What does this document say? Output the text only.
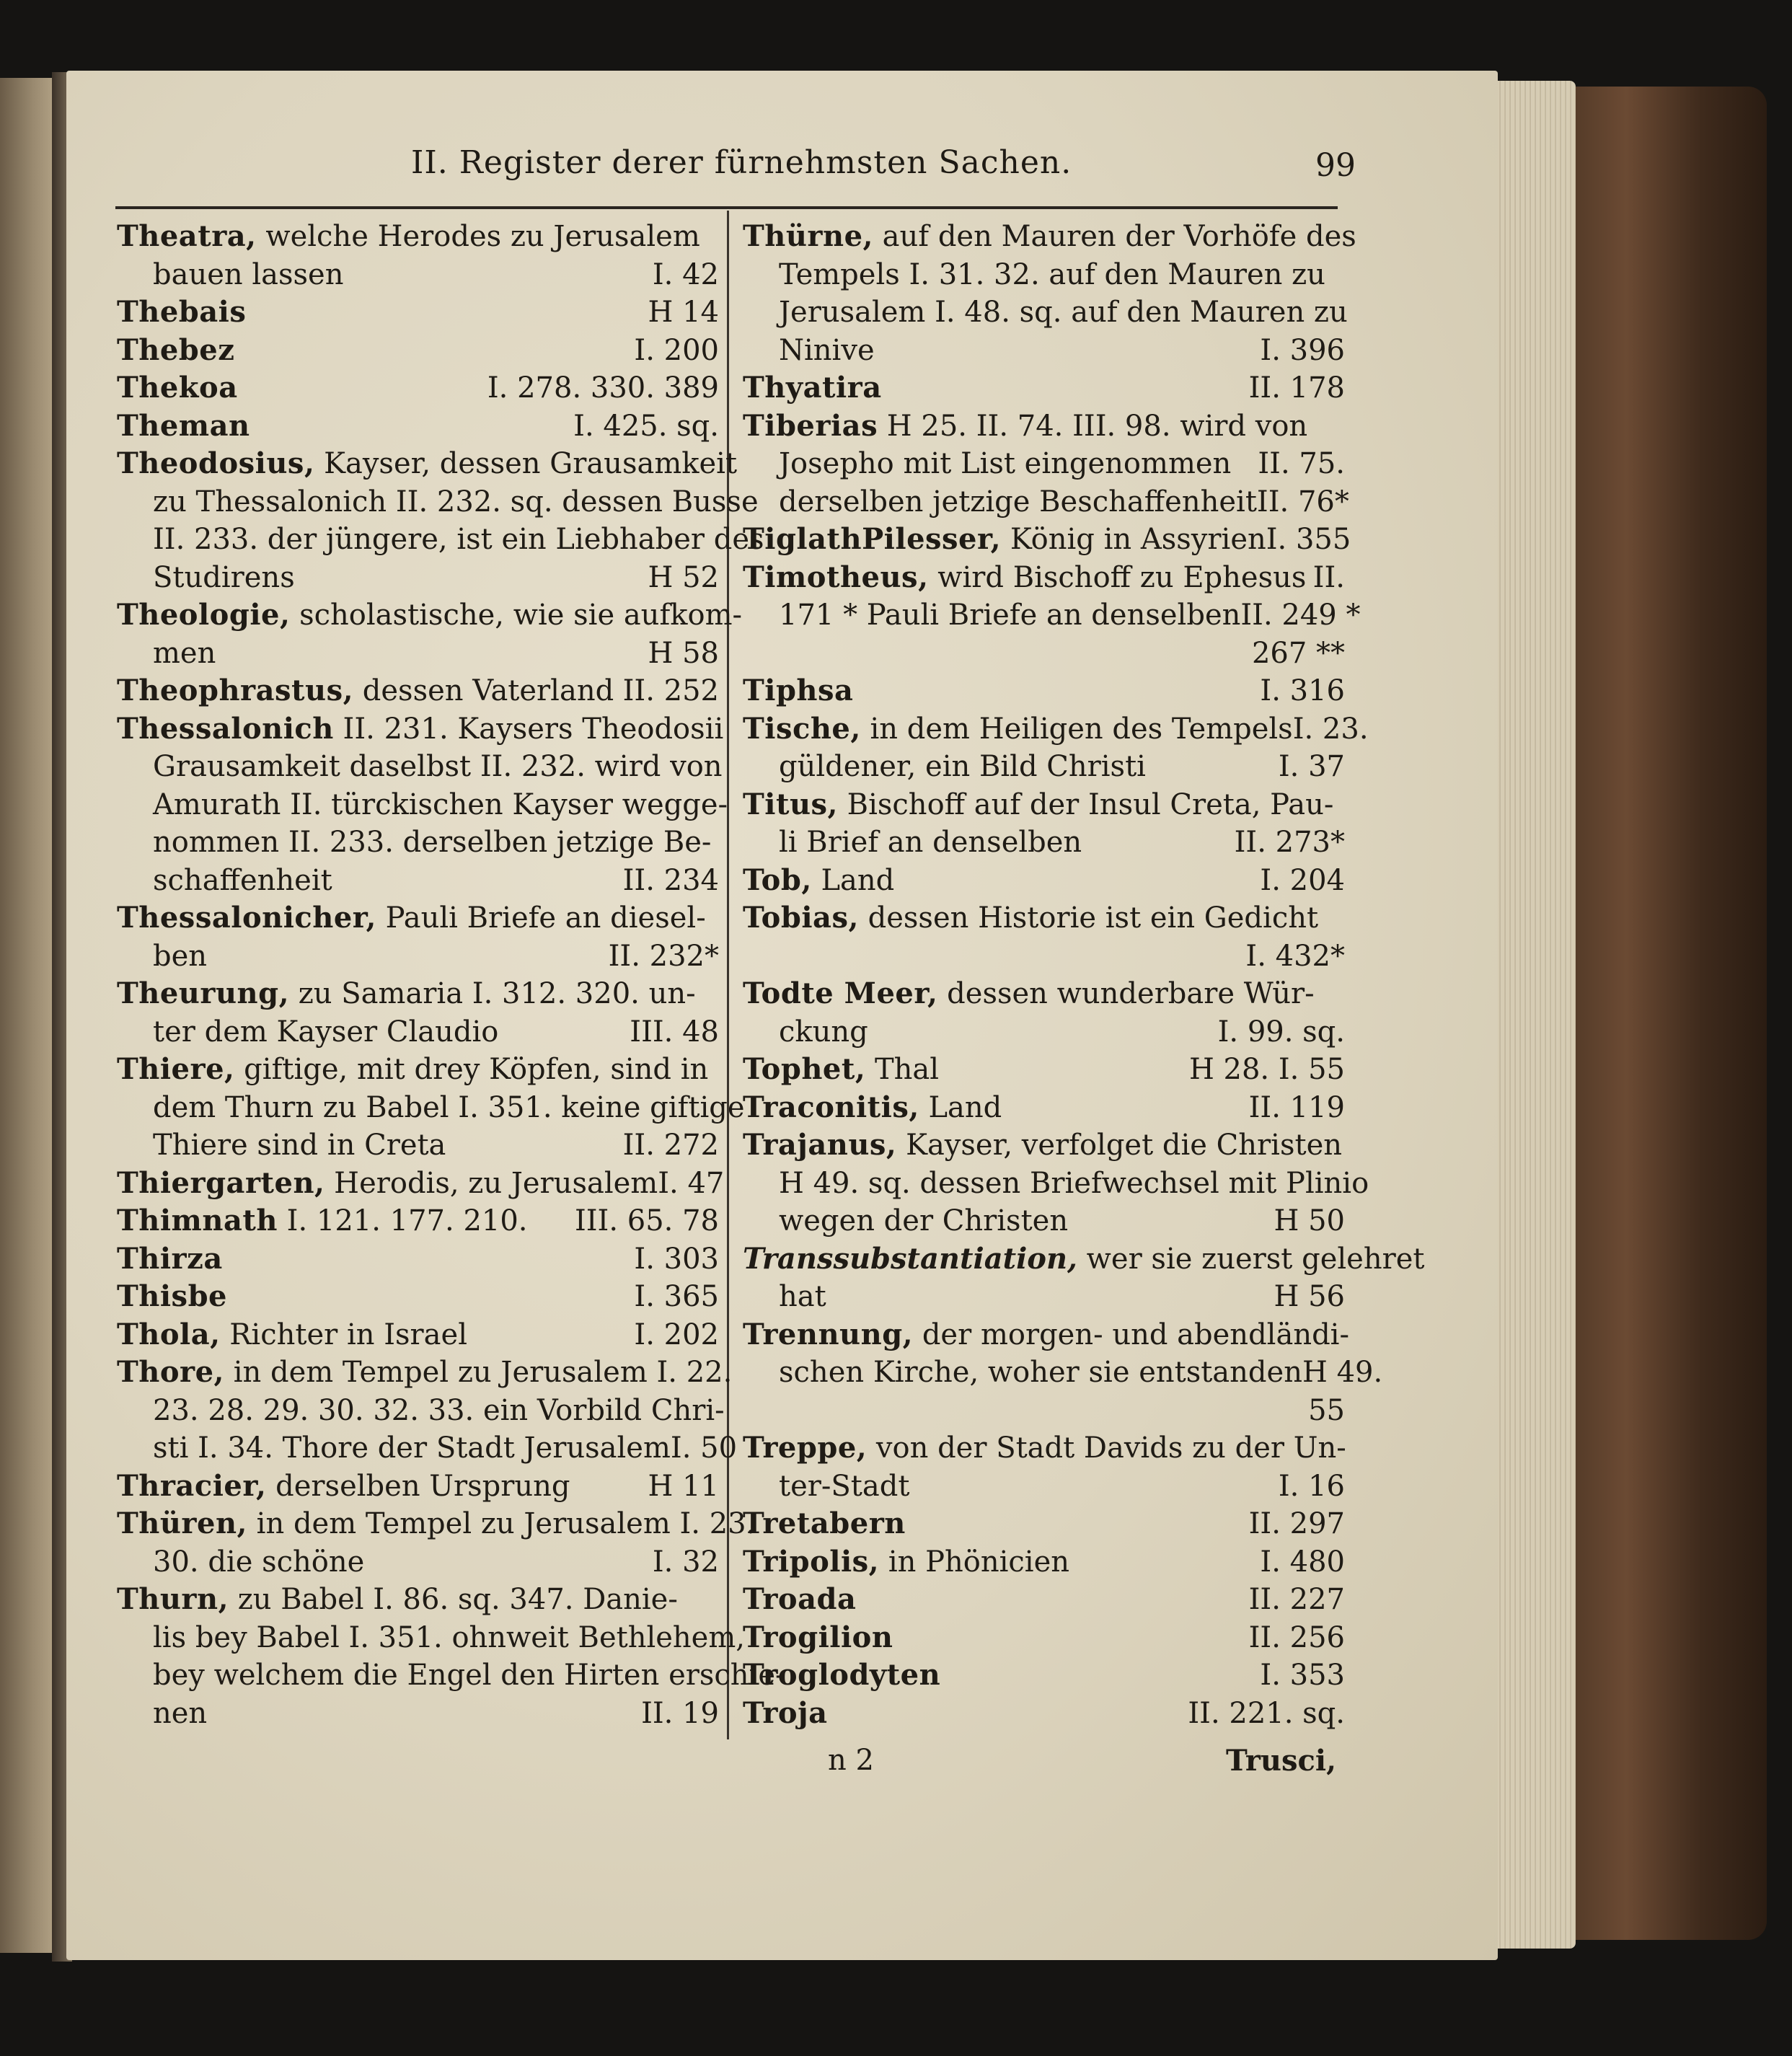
II. Register derer fürnehmsten Sachen.	99
Theatra, welche Herodes zu Jerusalem
bauen lassen	I. 42
Thebais	H 14
Thebez	I. 200
Thekoa	I. 278. 330. 389
Theman	I. 425. sq.
Theodosius, Kayser, dessen Grausamkeit
zu Thessalonich II. 232. sq. dessen Busse
II. 233. der jüngere, ist ein Liebhaber des
Studirens	H 52
Theologie, scholastische, wie sie aufkom-
men	H 58
Theophrastus, dessen Vaterland II. 252
Thessalonich II. 231. Kaysers Theodosii
Grausamkeit daselbst II. 232. wird von
Amurath II. türckischen Kayser wegge-
nommen II. 233. derselben jetzige Be-
schaffenheit	II. 234
Thessalonicher, Pauli Briefe an diesel-
ben	II. 232*
Theurung, zu Samaria I. 312. 320. un-
ter dem Kayser Claudio	III. 48
Thiere, giftige, mit drey Köpfen, sind in
dem Thurn zu Babel I. 351. keine giftige
Thiere sind in Creta	II. 272
Thiergarten, Herodis, zu Jerusalem I. 47
Thimnath I. 121. 177. 210. III. 65. 78
Thirza	I. 303
Thisbe	I. 365
Thola, Richter in Israel	I. 202
Thore, in dem Tempel zu Jerusalem I. 22.
23. 28. 29. 30. 32. 33. ein Vorbild Chri-
sti I. 34. Thore der Stadt Jerusalem I. 50
Thracier, derselben Ursprung	H 11
Thüren, in dem Tempel zu Jerusalem I. 23.
30. die schöne	I. 32
Thurn, zu Babel I. 86. sq. 347. Danie-
lis bey Babel I. 351. ohnweit Bethlehem,
bey welchem die Engel den Hirten erschie-
nen	II. 19
Thürne, auf den Mauren der Vorhöfe des
Tempels I. 31. 32. auf den Mauren zu
Jerusalem I. 48. sq. auf den Mauren zu
Ninive	I. 396
Thyatira	II. 178
Tiberias H 25. II. 74. III. 98. wird von
Josepho mit List eingenommen II. 75.
derselben jetzige Beschaffenheit II. 76*
TiglathPilesser, König in Assyrien I. 355
Timotheus, wird Bischoff zu Ephesus II.
171 * Pauli Briefe an denselben II. 249 *
267 **
Tiphsa	I. 316
Tische, in dem Heiligen des Tempels I. 23.
güldener, ein Bild Christi	I. 37
Titus, Bischoff auf der Insul Creta, Pau-
li Brief an denselben	II. 273*
Tob, Land	I. 204
Tobias, dessen Historie ist ein Gedicht
I. 432*
Todte Meer, dessen wunderbare Wür-
ckung	I. 99. sq.
Tophet, Thal	H 28. I. 55
Traconitis, Land	II. 119
Trajanus, Kayser, verfolget die Christen
H 49. sq. dessen Briefwechsel mit Plinio
wegen der Christen	H 50
Transsubstantiation, wer sie zuerst gelehret
hat	H 56
Trennung, der morgen- und abendländi-
schen Kirche, woher sie entstanden H 49.
55
Treppe, von der Stadt Davids zu der Un-
ter-Stadt	I. 16
Tretabern	II. 297
Tripolis, in Phönicien	I. 480
Troada	II. 227
Trogilion	II. 256
Troglodyten	I. 353
Troja	II. 221. sq.
n 2	Trusci,
